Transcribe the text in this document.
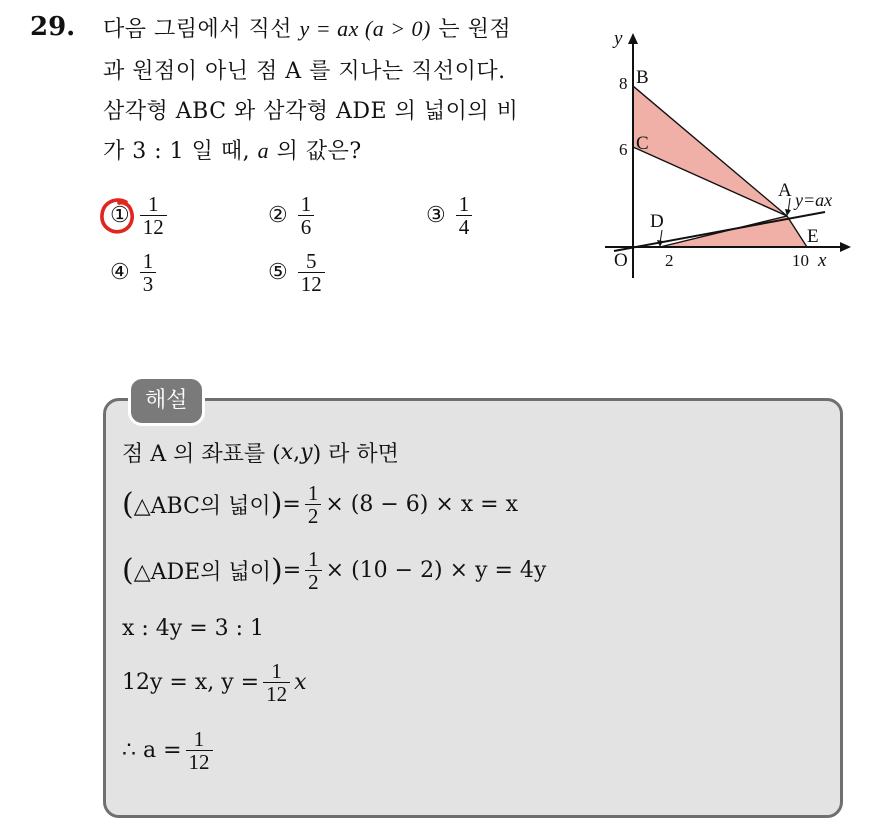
29. 다음 그림에서 직선 y = ax (a > 0) 는 원점
과 원점이 아닌 점 A 를 지나는 직선이다.
삼각형 ABC 와 삼각형 ADE 의 넓이의 비
가 3 : 1 일 때, a 의 값은?
① $\frac{1}{12}$	② $\frac{1}{6}$	③ $\frac{1}{4}$
④ $\frac{1}{3}$	⑤ $\frac{5}{12}$
y
x
B
8
C
6
A y=ax
D
E
O 2	10
해설
점 A 의 좌표를 ( x , y ) 라 하면
( △ABC의 넓이 ) = $\frac{1}{2} \times (8 - 6) \times x = x$
( △ADE의 넓이 ) = $\frac{1}{2} \times (10 - 2) \times y = 4y$
x : 4y = 3 : 1
12y = x, $y = \frac{1}{12}$ x
∴ $a = \frac{1}{12}$
